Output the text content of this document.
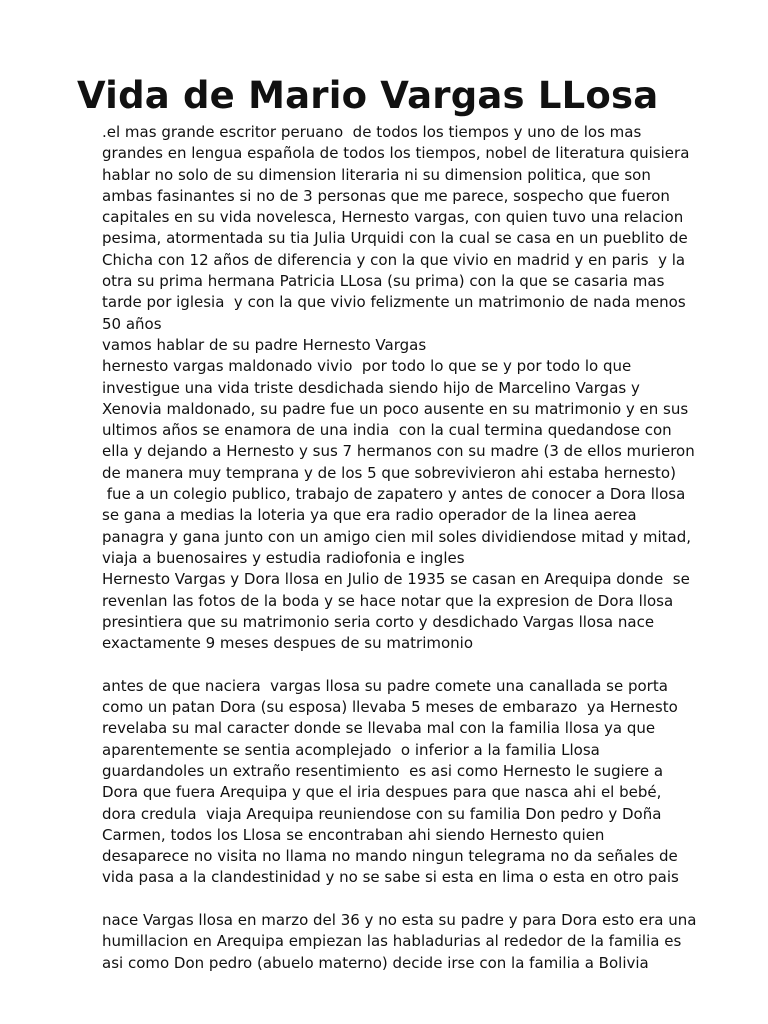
Vida de Mario Vargas LLosa
.el mas grande escritor peruano  de todos los tiempos y uno de los mas
grandes en lengua española de todos los tiempos, nobel de literatura quisiera
hablar no solo de su dimension literaria ni su dimension politica, que son
ambas fasinantes si no de 3 personas que me parece, sospecho que fueron
capitales en su vida novelesca, Hernesto vargas, con quien tuvo una relacion
pesima, atormentada su tia Julia Urquidi con la cual se casa en un pueblito de
Chicha con 12 años de diferencia y con la que vivio en madrid y en paris  y la
otra su prima hermana Patricia LLosa (su prima) con la que se casaria mas
tarde por iglesia  y con la que vivio felizmente un matrimonio de nada menos
50 años
vamos hablar de su padre Hernesto Vargas
hernesto vargas maldonado vivio  por todo lo que se y por todo lo que
investigue una vida triste desdichada siendo hijo de Marcelino Vargas y
Xenovia maldonado, su padre fue un poco ausente en su matrimonio y en sus
ultimos años se enamora de una india  con la cual termina quedandose con
ella y dejando a Hernesto y sus 7 hermanos con su madre (3 de ellos murieron
de manera muy temprana y de los 5 que sobrevivieron ahi estaba hernesto)
fue a un colegio publico, trabajo de zapatero y antes de conocer a Dora llosa
se gana a medias la loteria ya que era radio operador de la linea aerea
panagra y gana junto con un amigo cien mil soles dividiendose mitad y mitad,
viaja a buenosaires y estudia radiofonia e ingles
Hernesto Vargas y Dora llosa en Julio de 1935 se casan en Arequipa donde  se
revenlan las fotos de la boda y se hace notar que la expresion de Dora llosa
presintiera que su matrimonio seria corto y desdichado Vargas llosa nace
exactamente 9 meses despues de su matrimonio
antes de que naciera  vargas llosa su padre comete una canallada se porta
como un patan Dora (su esposa) llevaba 5 meses de embarazo  ya Hernesto
revelaba su mal caracter donde se llevaba mal con la familia llosa ya que
aparentemente se sentia acomplejado  o inferior a la familia Llosa
guardandoles un extraño resentimiento  es asi como Hernesto le sugiere a
Dora que fuera Arequipa y que el iria despues para que nasca ahi el bebé,
dora credula  viaja Arequipa reuniendose con su familia Don pedro y Doña
Carmen, todos los Llosa se encontraban ahi siendo Hernesto quien
desaparece no visita no llama no mando ningun telegrama no da señales de
vida pasa a la clandestinidad y no se sabe si esta en lima o esta en otro pais
nace Vargas llosa en marzo del 36 y no esta su padre y para Dora esto era una
humillacion en Arequipa empiezan las habladurias al rededor de la familia es
asi como Don pedro (abuelo materno) decide irse con la familia a Bolivia
